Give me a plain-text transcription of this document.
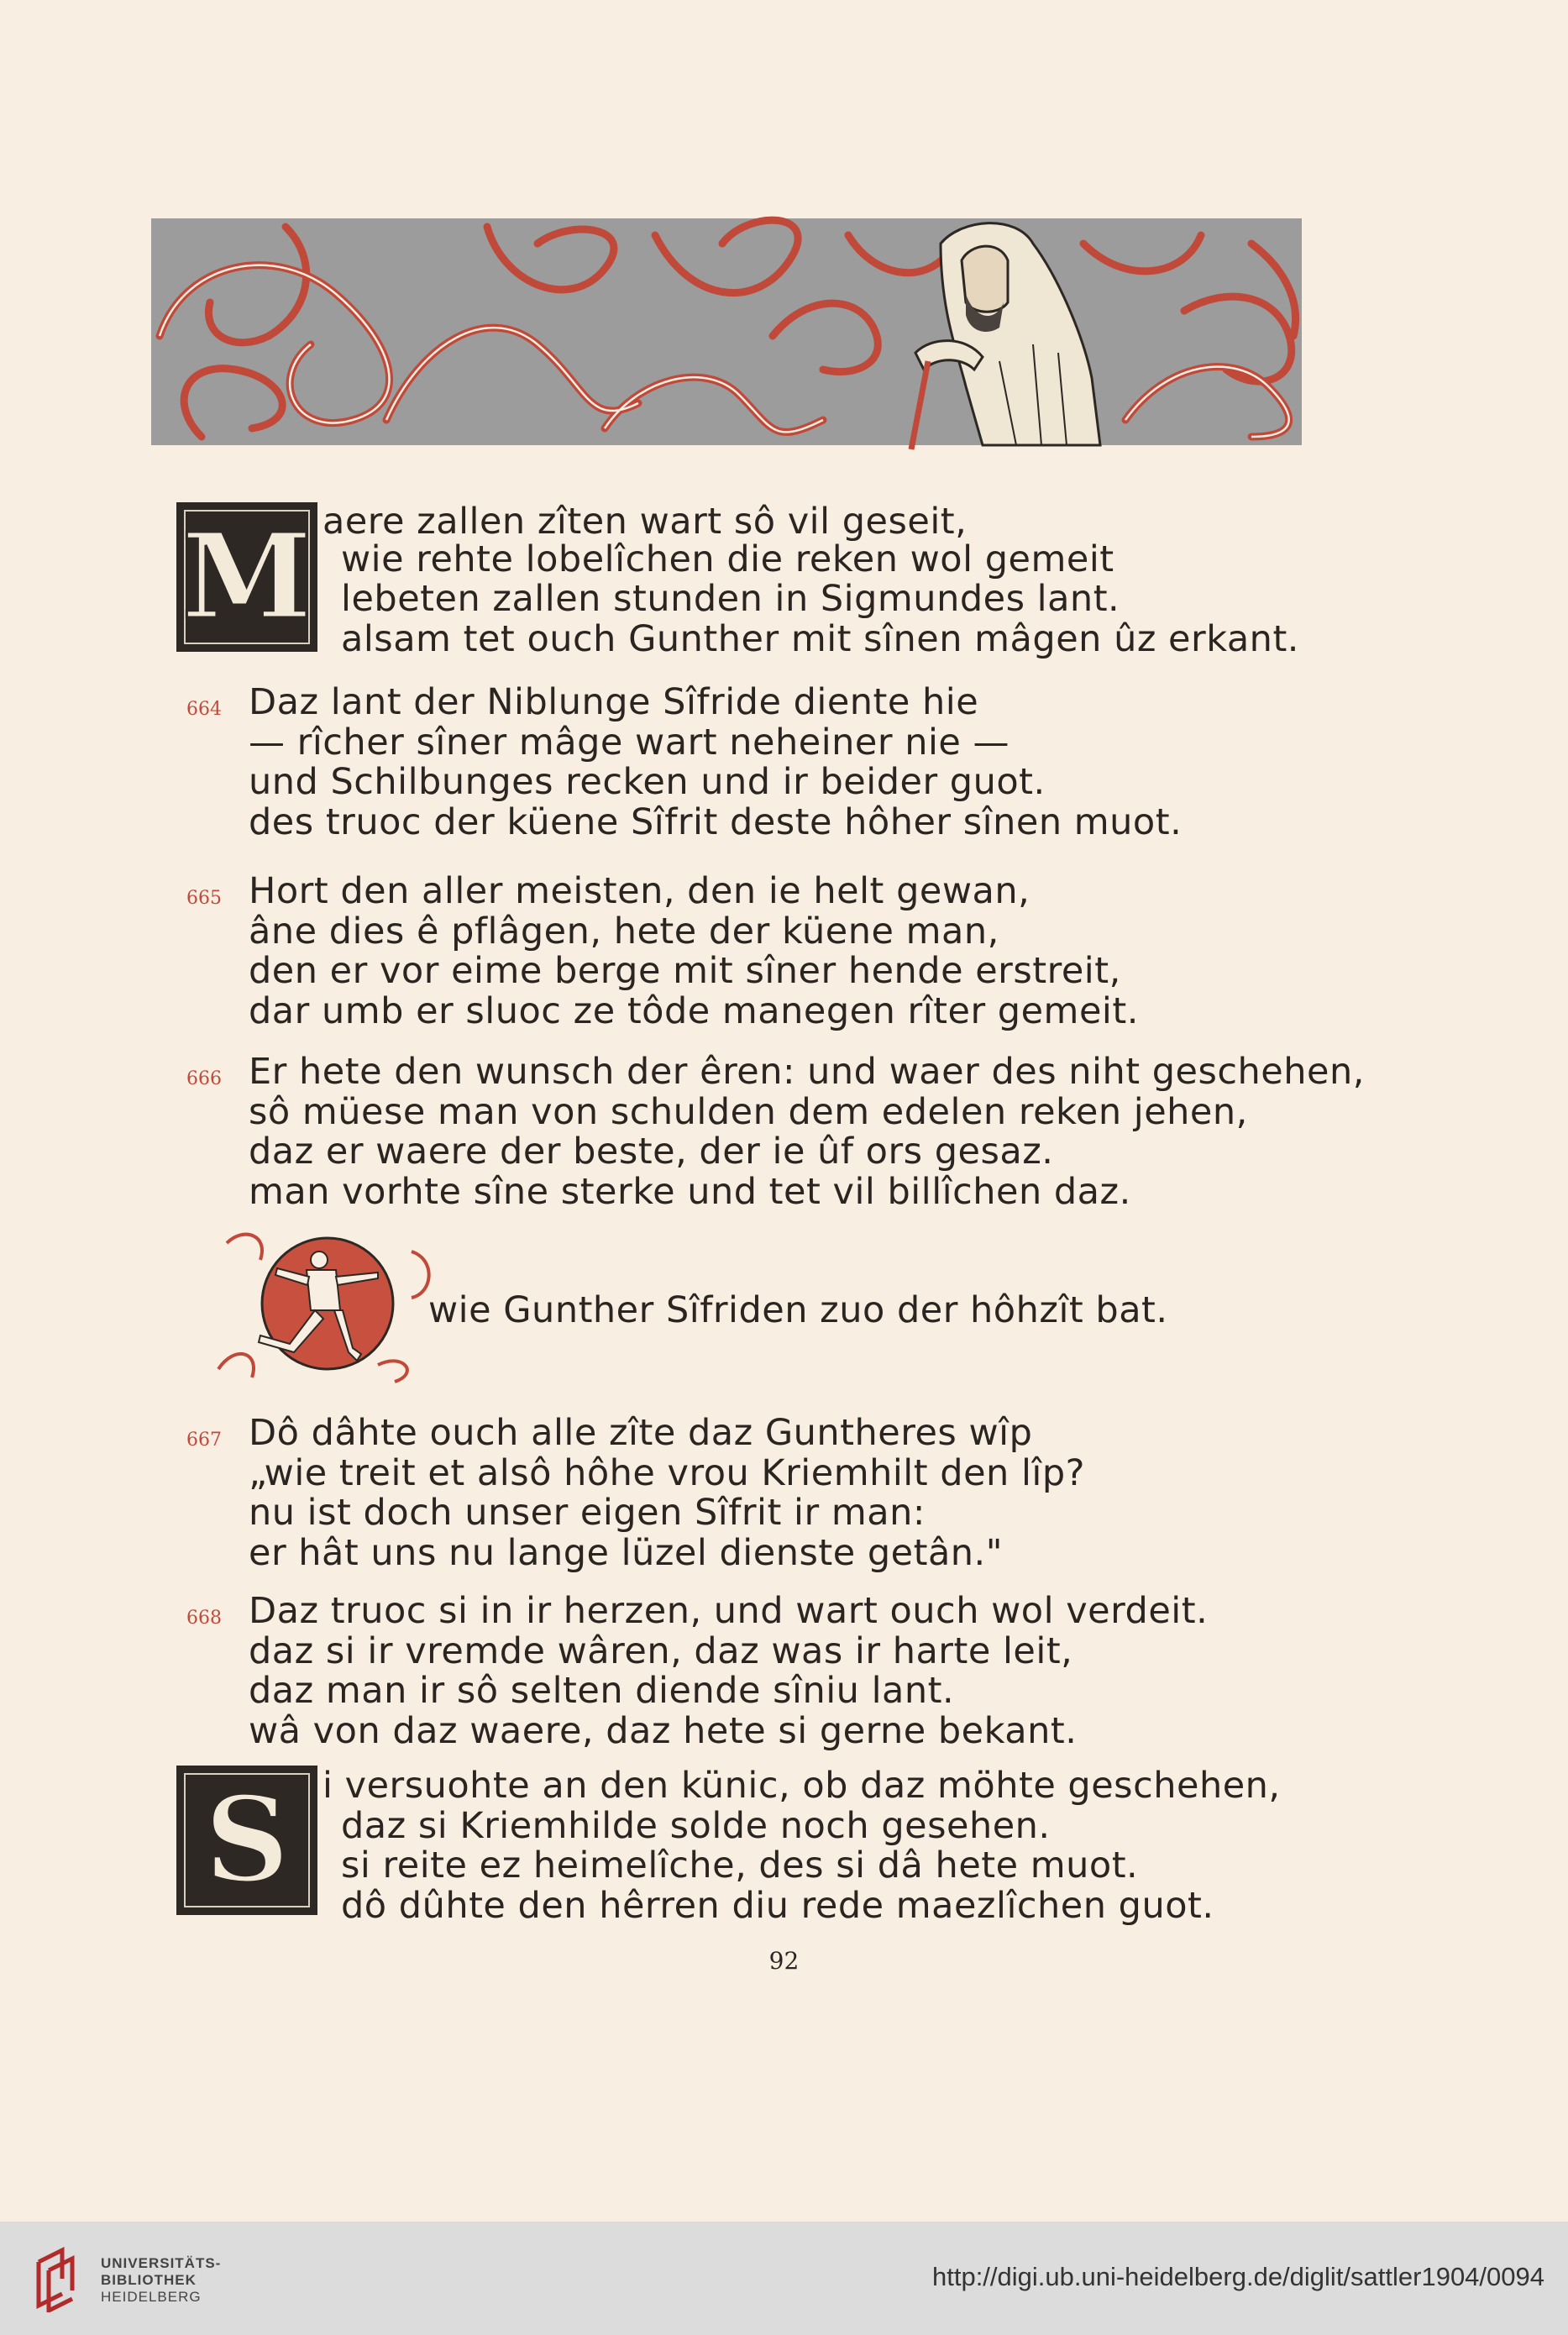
M aere zallen zîten wart sô vil geseit,
wie rehte lobelîchen die reken wol gemeit
lebeten zallen stunden in Sigmundes lant.
alsam tet ouch Gunther mit sînen mâgen ûz erkant.
664 Daz lant der Niblunge Sîfride diente hie
— rîcher sîner mâge wart neheiner nie —
und Schilbunges recken und ir beider guot.
des truoc der küene Sîfrit deste hôher sînen muot.
665 Hort den aller meisten, den ie helt gewan,
âne dies ê pflâgen, hete der küene man,
den er vor eime berge mit sîner hende erstreit,
dar umb er sluoc ze tôde manegen rîter gemeit.
666 Er hete den wunsch der êren: und waer des niht geschehen,
sô müese man von schulden dem edelen reken jehen,
daz er waere der beste, der ie ûf ors gesaz.
man vorhte sîne sterke und tet vil billîchen daz.
wie Gunther Sîfriden zuo der hôhzît bat.
667 Dô dâhte ouch alle zîte daz Guntheres wîp
„wie treit et alsô hôhe vrou Kriemhilt den lîp?
nu ist doch unser eigen Sîfrit ir man:
er hât uns nu lange lüzel dienste getân."
668 Daz truoc si in ir herzen, und wart ouch wol verdeit.
daz si ir vremde wâren, daz was ir harte leit,
daz man ir sô selten diende sîniu lant.
wâ von daz waere, daz hete si gerne bekant.
S i versuohte an den künic, ob daz möhte geschehen,
daz si Kriemhilde solde noch gesehen.
si reite ez heimelîche, des si dâ hete muot.
dô dûhte den hêrren diu rede maezlîchen guot.
92
UNIVERSITÄTS-
BIBLIOTHEK
HEIDELBERG
http://digi.ub.uni-heidelberg.de/diglit/sattler1904/0094
